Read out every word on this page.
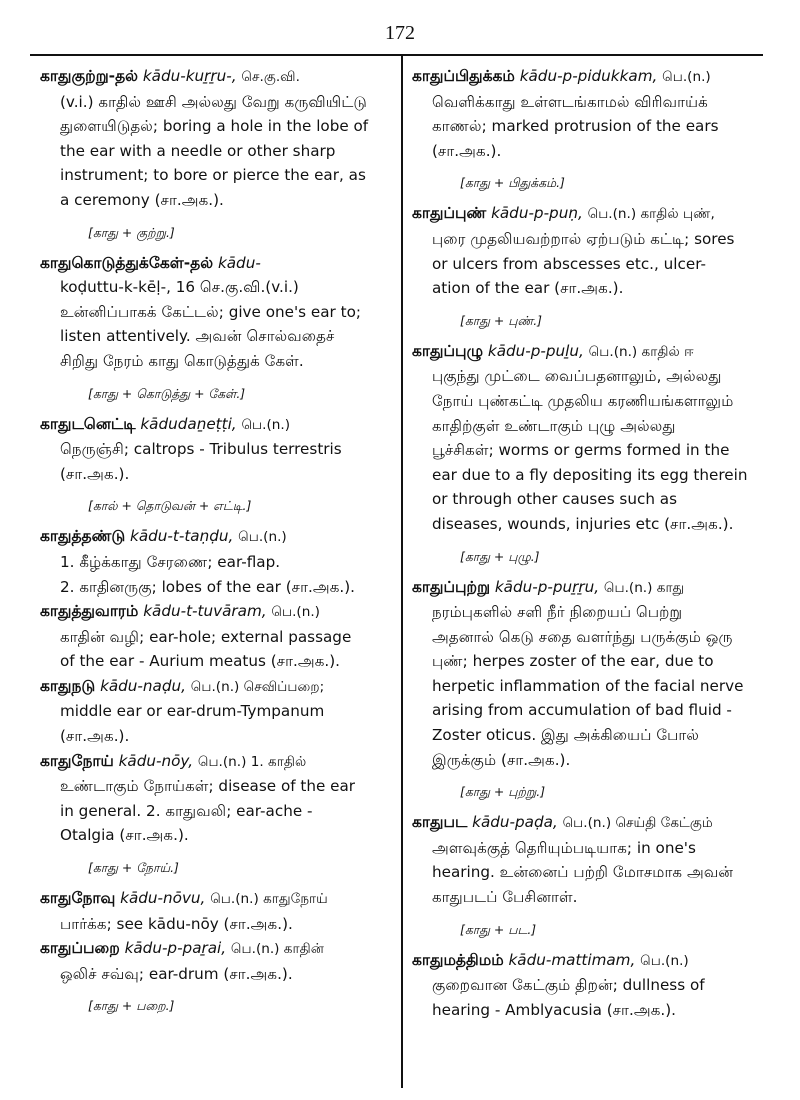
172
காதுகுற்று-தல் kādu-kuṟṟu-, செ.கு.வி.
(v.i.) காதில் ஊசி அல்லது வேறு கருவியிட்டு
துளையிடுதல்; boring a hole in the lobe of
the ear with a needle or other sharp
instrument; to bore or pierce the ear, as
a ceremony (சா.அக.).
[காது + குற்று.]
காதுகொடுத்துக்கேள்-தல் kādu-
koḍuttu-k-kēḷ-, 16 செ.கு.வி.(v.i.)
உன்னிப்பாகக் கேட்டல்; give one's ear to;
listen attentively. அவன் சொல்வதைச்
சிறிது நேரம் காது கொடுத்துக் கேள்.
[காது + கொடுத்து + கேள்.]
காதுடனெட்டி kādudaṉeṭṭi, பெ.(n.)
நெருஞ்சி; caltrops - Tribulus terrestris
(சா.அக.).
[கால் + தொடுவன் + எட்டி.]
காதுத்தண்டு kādu-t-taṇḍu, பெ.(n.)
1. கீழ்க்காது சேரணை; ear-flap.
2. காதினருகு; lobes of the ear (சா.அக.).
காதுத்துவாரம் kādu-t-tuvāram, பெ.(n.)
காதின் வழி; ear-hole; external passage
of the ear - Aurium meatus (சா.அக.).
காதுநடு kādu-naḍu, பெ.(n.) செவிப்பறை;
middle ear or ear-drum-Tympanum
(சா.அக.).
காதுநோய் kādu-nōy, பெ.(n.) 1. காதில்
உண்டாகும் நோய்கள்; disease of the ear
in general. 2. காதுவலி; ear-ache -
Otalgia (சா.அக.).
[காது + நோய்.]
காதுநோவு kādu-nōvu, பெ.(n.) காதுநோய்
பார்க்க; see kādu-nōy (சா.அக.).
காதுப்பறை kādu-p-paṟai, பெ.(n.) காதின்
ஒலிச் சவ்வு; ear-drum (சா.அக.).
[காது + பறை.]
காதுப்பிதுக்கம் kādu-p-pidukkam, பெ.(n.)
வெளிக்காது உள்ளடங்காமல் விரிவாய்க்
காணல்; marked protrusion of the ears
(சா.அக.).
[காது + பிதுக்கம்.]
காதுப்புண் kādu-p-puṇ, பெ.(n.) காதில் புண்,
புரை முதலியவற்றால் ஏற்படும் கட்டி; sores
or ulcers from abscesses etc., ulcer-
ation of the ear (சா.அக.).
[காது + புண்.]
காதுப்புழு kādu-p-puḻu, பெ.(n.) காதில் ஈ
புகுந்து முட்டை வைப்பதனாலும், அல்லது
நோய் புண்கட்டி முதலிய கரணியங்களாலும்
காதிற்குள் உண்டாகும் புழு அல்லது
பூச்சிகள்; worms or germs formed in the
ear due to a fly depositing its egg therein
or through other causes such as
diseases, wounds, injuries etc (சா.அக.).
[காது + புழு.]
காதுப்புற்று kādu-p-puṟṟu, பெ.(n.) காது
நரம்புகளில் சளி நீர் நிறையப் பெற்று
அதனால் கெடு சதை வளர்ந்து பருக்கும் ஒரு
புண்; herpes zoster of the ear, due to
herpetic inflammation of the facial nerve
arising from accumulation of bad fluid -
Zoster oticus. இது அக்கியைப் போல்
இருக்கும் (சா.அக.).
[காது + புற்று.]
காதுபட kādu-paḍa, பெ.(n.) செய்தி கேட்கும்
அளவுக்குத் தெரியும்படியாக; in one's
hearing. உன்னைப் பற்றி மோசமாக அவன்
காதுபடப் பேசினாள்.
[காது + பட.]
காதுமத்திமம் kādu-mattimam, பெ.(n.)
குறைவான கேட்கும் திறன்; dullness of
hearing - Amblyacusia (சா.அக.).
